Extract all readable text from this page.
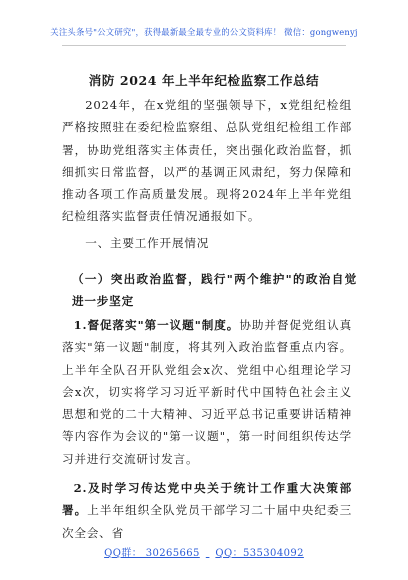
关注头条号"公文研究"，获得最新最全最专业的公文资料库！ 微信：gongwenyj
消防 2024 年上半年纪检监察工作总结

2024年，在x党组的坚强领导下，x党组纪检组严格按照驻在委纪检监察组、总队党组纪检组工作部署，协助党组落实主体责任，突出强化政治监督，抓细抓实日常监督，以严的基调正风肃纪，努力保障和推动各项工作高质量发展。现将2024年上半年党组纪检组落实监督责任情况通报如下。

一、主要工作开展情况

（一）突出政治监督，践行"两个维护"的政治自觉进一步坚定

1.督促落实"第一议题"制度。协助并督促党组认真落实"第一议题"制度，将其列入政治监督重点内容。上半年全队召开队党组会x次、党组中心组理论学习会x次，切实将学习习近平新时代中国特色社会主义思想和党的二十大精神、习近平总书记重要讲话精神等内容作为会议的"第一议题"，第一时间组织传达学习并进行交流研讨发言。

2.及时学习传达党中央关于统计工作重大决策部署。上半年组织全队党员干部学习二十届中央纪委三次全会、省

QQ群： 30265665 QQ：535304092
